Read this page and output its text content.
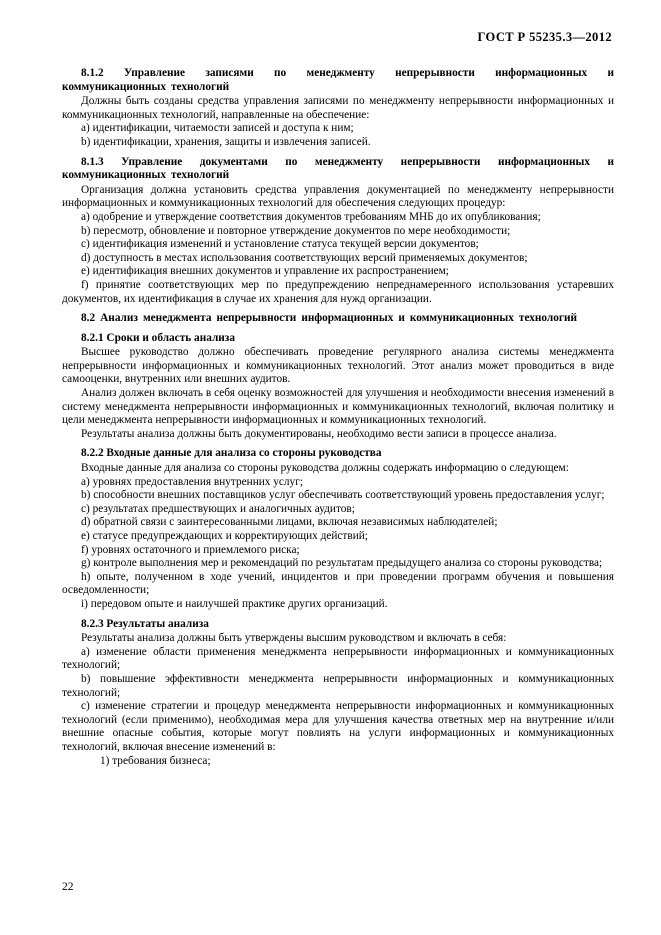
ГОСТ Р 55235.3—2012

8.1.2 Управление записями по менеджменту непрерывности информационных и коммуникационных технологий

Должны быть созданы средства управления записями по менеджменту непрерывности информационных и коммуникационных технологий, направленные на обеспечение:

a) идентификации, читаемости записей и доступа к ним;

b) идентификации, хранения, защиты и извлечения записей.

8.1.3 Управление документами по менеджменту непрерывности информационных и коммуникационных технологий

Организация должна установить средства управления документацией по менеджменту непрерывности информационных и коммуникационных технологий для обеспечения следующих процедур:

a) одобрение и утверждение соответствия документов требованиям МНБ до их опубликования;

b) пересмотр, обновление и повторное утверждение документов по мере необходимости;

c) идентификация изменений и установление статуса текущей версии документов;

d) доступность в местах использования соответствующих версий применяемых документов;

e) идентификация внешних документов и управление их распространением;

f) принятие соответствующих мер по предупреждению непреднамеренного использования устаревших документов, их идентификация в случае их хранения для нужд организации.

8.2 Анализ менеджмента непрерывности информационных и коммуникационных технологий

8.2.1 Сроки и область анализа

Высшее руководство должно обеспечивать проведение регулярного анализа системы менеджмента непрерывности информационных и коммуникационных технологий. Этот анализ может проводиться в виде самооценки, внутренних или внешних аудитов.

Анализ должен включать в себя оценку возможностей для улучшения и необходимости внесения изменений в систему менеджмента непрерывности информационных и коммуникационных технологий, включая политику и цели менеджмента непрерывности информационных и коммуникационных технологий.

Результаты анализа должны быть документированы, необходимо вести записи в процессе анализа.

8.2.2 Входные данные для анализа со стороны руководства

Входные данные для анализа со стороны руководства должны содержать информацию о следующем:

a) уровнях предоставления внутренних услуг;

b) способности внешних поставщиков услуг обеспечивать соответствующий уровень предоставления услуг;

c) результатах предшествующих и аналогичных аудитов;

d) обратной связи с заинтересованными лицами, включая независимых наблюдателей;

e) статусе предупреждающих и корректирующих действий;

f) уровнях остаточного и приемлемого риска;

g) контроле выполнения мер и рекомендаций по результатам предыдущего анализа со стороны руководства;

h) опыте, полученном в ходе учений, инцидентов и при проведении программ обучения и повышения осведомленности;

i) передовом опыте и наилучшей практике других организаций.

8.2.3 Результаты анализа

Результаты анализа должны быть утверждены высшим руководством и включать в себя:

a) изменение области применения менеджмента непрерывности информационных и коммуникационных технологий;

b) повышение эффективности менеджмента непрерывности информационных и коммуникационных технологий;

c) изменение стратегии и процедур менеджмента непрерывности информационных и коммуникационных технологий (если применимо), необходимая мера для улучшения качества ответных мер на внутренние и/или внешние опасные события, которые могут повлиять на услуги информационных и коммуникационных технологий, включая внесение изменений в:

1) требования бизнеса;

22
